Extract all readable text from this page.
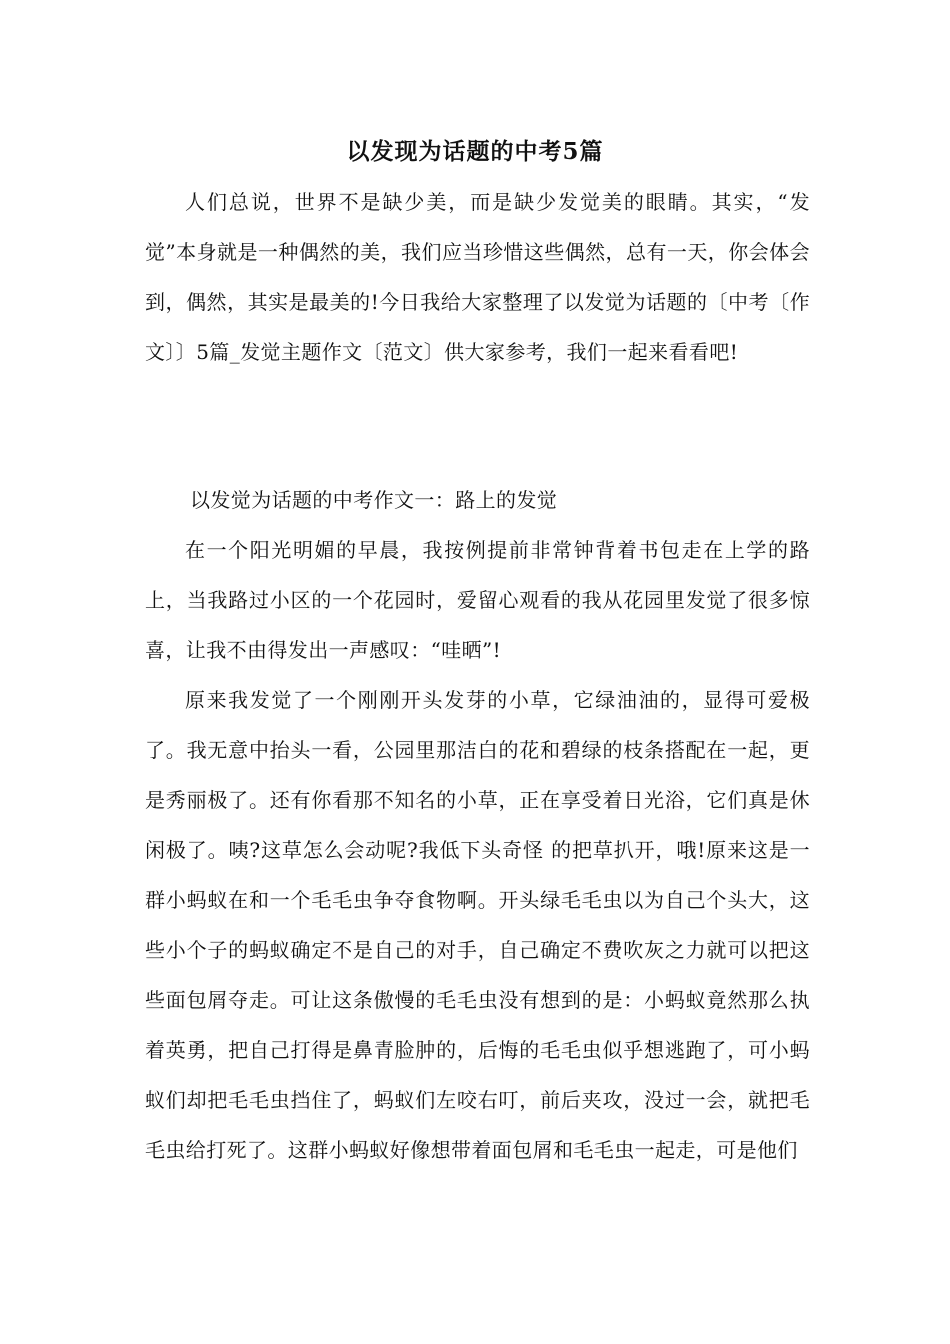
以发现为话题的中考5篇

人们总说，世界不是缺少美，而是缺少发觉美的眼睛。其实，“发觉”本身就是一种偶然的美，我们应当珍惜这些偶然，总有一天，你会体会到，偶然，其实是最美的!今日我给大家整理了以发觉为话题的〔中考〔作文〕〕5篇_发觉主题作文〔范文〕供大家参考，我们一起来看看吧!

以发觉为话题的中考作文一：路上的发觉

在一个阳光明媚的早晨，我按例提前非常钟背着书包走在上学的路上，当我路过小区的一个花园时，爱留心观看的我从花园里发觉了很多惊喜，让我不由得发出一声感叹：“哇晒”!

原来我发觉了一个刚刚开头发芽的小草，它绿油油的，显得可爱极了。我无意中抬头一看，公园里那洁白的花和碧绿的枝条搭配在一起，更是秀丽极了。还有你看那不知名的小草，正在享受着日光浴，它们真是休闲极了。咦?这草怎么会动呢?我低下头奇怪 的把草扒开，哦!原来这是一群小蚂蚁在和一个毛毛虫争夺食物啊。开头绿毛毛虫以为自己个头大，这些小个子的蚂蚁确定不是自己的对手，自己确定不费吹灰之力就可以把这些面包屑夺走。可让这条傲慢的毛毛虫没有想到的是：小蚂蚁竟然那么执着英勇，把自己打得是鼻青脸肿的，后悔的毛毛虫似乎想逃跑了，可小蚂蚁们却把毛毛虫挡住了，蚂蚁们左咬右叮，前后夹攻，没过一会，就把毛毛虫给打死了。这群小蚂蚁好像想带着面包屑和毛毛虫一起走，可是他们
